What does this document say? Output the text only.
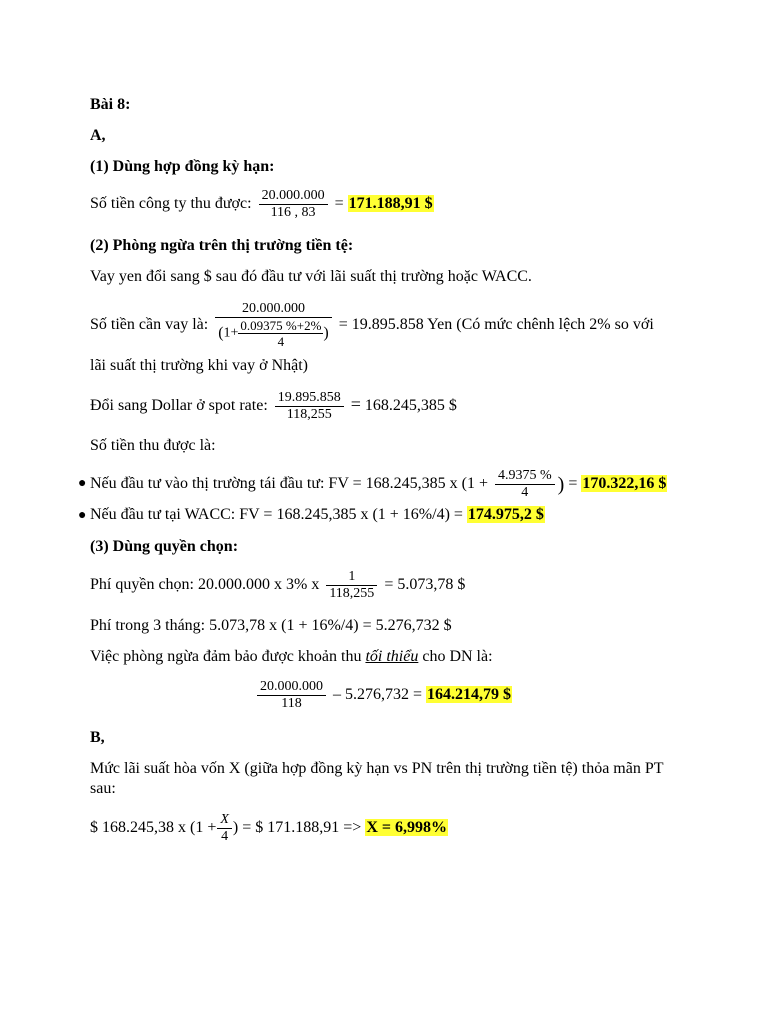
Bài 8:
A,
(1) Dùng hợp đồng kỳ hạn:
Số tiền công ty thu được: $\frac{20.000.000}{116 , 83} = 171.188,91$ $
(2) Phòng ngừa trên thị trường tiền tệ:
Vay yen đổi sang $ sau đó đầu tư với lãi suất thị trường hoặc WACC.
Số tiền cần vay là: $\frac{20.000.000}{(1+ \frac{0.09375 \%+2\%}{4} )} = 19.895.858$ Yen (Có mức chênh lệch 2% so với
lãi suất thị trường khi vay ở Nhật)
Đổi sang Dollar ở spot rate: $\frac{19.895.858}{118,255} = 168.245,385$ $
Số tiền thu được là:
● Nếu đầu tư vào thị trường tái đầu tư: FV = 168.245,385 x ($1 + \frac{4.9375 \%}{4}$ ) = 170.322,16 $
● Nếu đầu tư tại WACC: FV = 168.245,385 x (1 + 16%/4) = 174.975,2 $
(3) Dùng quyền chọn:
Phí quyền chọn: 20.000.000 x 3% x $\frac{1}{118,255} = 5.073,78$ $
Phí trong 3 tháng: 5.073,78 x (1 + 16%/4) = 5.276,732 $
Việc phòng ngừa đảm bảo được khoản thu tối thiểu cho DN là:
$\frac{20.000.000}{118} - 5.276,732 = 164.214,79$ $
B,
Mức lãi suất hòa vốn X (giữa hợp đồng kỳ hạn vs PN trên thị trường tiền tệ) thỏa mãn PT
sau:
$ 168.245,38 x ($1 + \frac{X}{4}$ ) = $ 171.188,91 => X = 6,998%
